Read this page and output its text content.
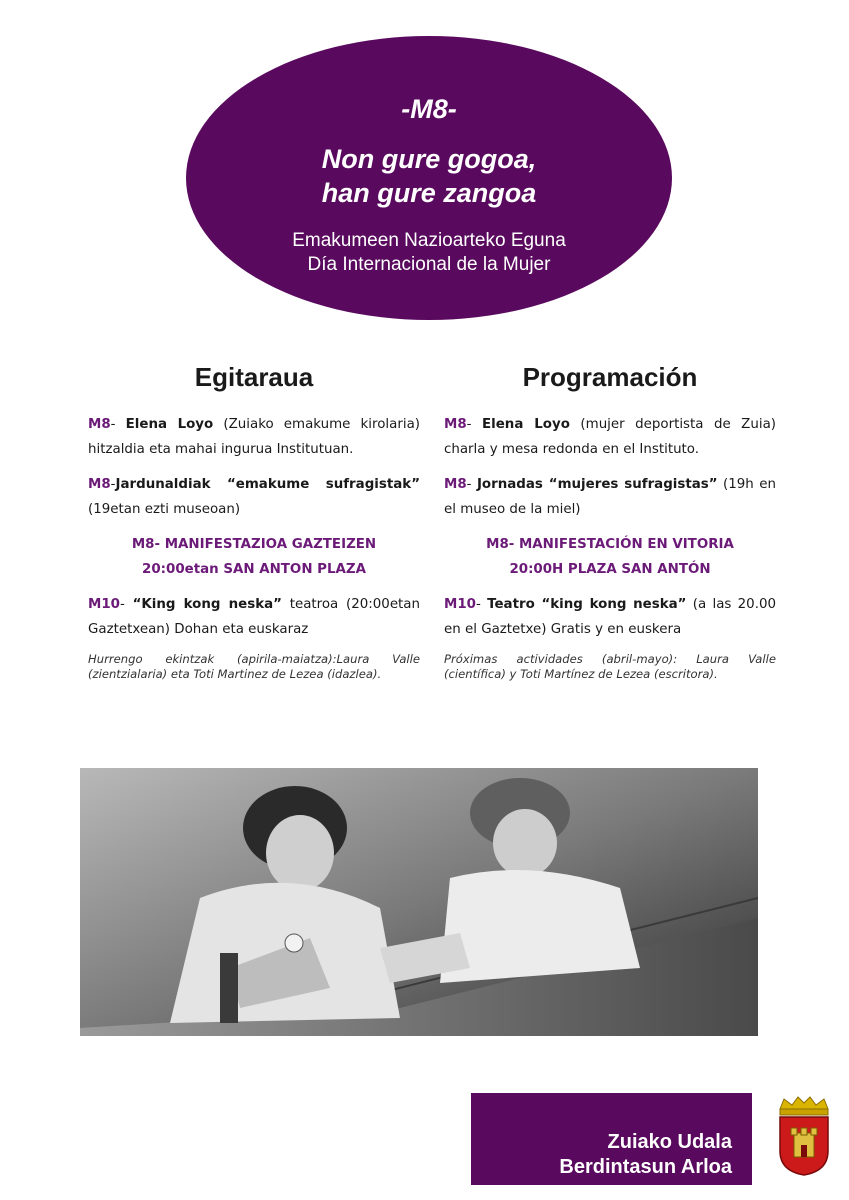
-M8-
Non gure gogoa,
han gure zangoa
Emakumeen Nazioarteko Eguna
Día Internacional de la Mujer
Egitaraua
M8- Elena Loyo (Zuiako emakume kirolaria) hitzaldia eta mahai ingurua Institutuan.
M8-Jardunaldiak “emakume sufragistak” (19etan ezti museoan)
M8- MANIFESTAZIOA GAZTEIZEN
20:00etan SAN ANTON PLAZA
M10- “King kong neska” teatroa (20:00etan Gaztetxean) Dohan eta euskaraz
Hurrengo ekintzak (apirila-maiatza):Laura Valle (zientzialaria) eta Toti Martinez de Lezea (idazlea).
Programación
M8- Elena Loyo (mujer deportista de Zuia) charla y mesa redonda en el Instituto.
M8- Jornadas “mujeres sufragistas” (19h en el museo de la miel)
M8- MANIFESTACIÓN EN VITORIA
20:00H PLAZA SAN ANTÓN
M10- Teatro “king kong neska” (a las 20.00 en el Gaztetxe) Gratis y en euskera
Próximas actividades (abril-mayo): Laura Valle (científica) y Toti Martínez de Lezea (escritora).
Zuiako Udala
Berdintasun Arloa
